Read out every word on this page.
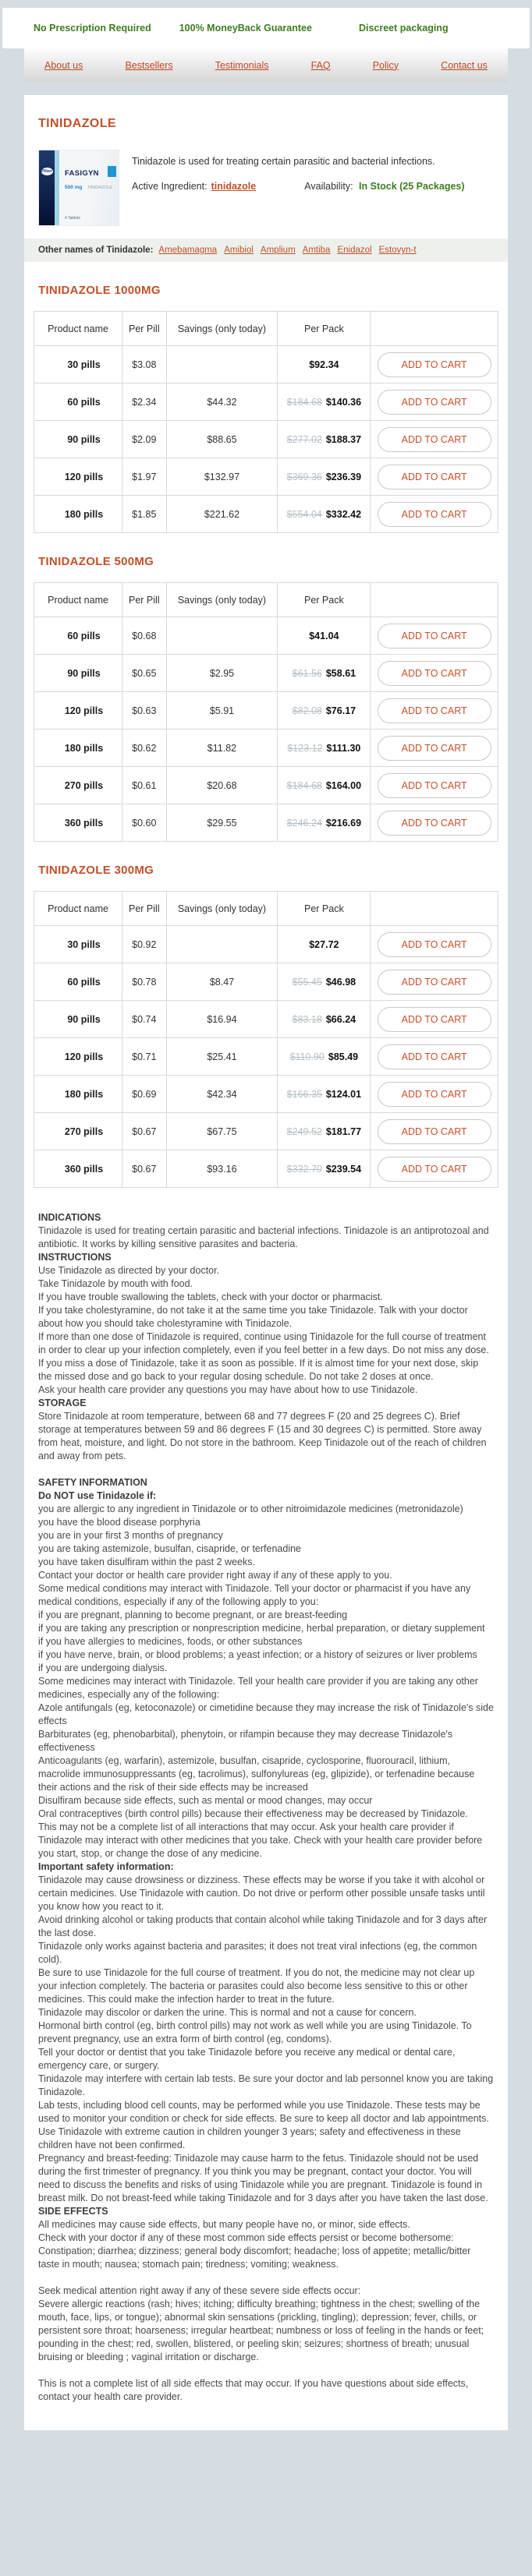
No Prescription Required	100% MoneyBack Guarantee	Discreet packaging
About us	Bestsellers	Testimonials	FAQ	Policy	Contact us
TINIDAZOLE
Pfizer FASIGYN
500 mg TINIDAZOLE
4 Tablets

Tinidazole is used for treating certain parasitic and bacterial infections.

Active Ingredient: tinidazole	Availability: In Stock (25 Packages)
Other names of Tinidazole: Amebamagma Amibiol Amplium Amtiba Enidazol Estovyn-t
TINIDAZOLE 1000MG
Product name	Per Pill	Savings (only today)	Per Pack	
30 pills	$3.08		$92.34	ADD TO CART
60 pills	$2.34	$44.32	$184.68 $140.36	ADD TO CART
90 pills	$2.09	$88.65	$277.02 $188.37	ADD TO CART
120 pills	$1.97	$132.97	$369.36 $236.39	ADD TO CART
180 pills	$1.85	$221.62	$554.04 $332.42	ADD TO CART
TINIDAZOLE 500MG
Product name	Per Pill	Savings (only today)	Per Pack	
60 pills	$0.68		$41.04	ADD TO CART
90 pills	$0.65	$2.95	$61.56 $58.61	ADD TO CART
120 pills	$0.63	$5.91	$82.08 $76.17	ADD TO CART
180 pills	$0.62	$11.82	$123.12 $111.30	ADD TO CART
270 pills	$0.61	$20.68	$184.68 $164.00	ADD TO CART
360 pills	$0.60	$29.55	$246.24 $216.69	ADD TO CART
TINIDAZOLE 300MG
Product name	Per Pill	Savings (only today)	Per Pack	
30 pills	$0.92		$27.72	ADD TO CART
60 pills	$0.78	$8.47	$55.45 $46.98	ADD TO CART
90 pills	$0.74	$16.94	$83.18 $66.24	ADD TO CART
120 pills	$0.71	$25.41	$110.90 $85.49	ADD TO CART
180 pills	$0.69	$42.34	$166.35 $124.01	ADD TO CART
270 pills	$0.67	$67.75	$249.52 $181.77	ADD TO CART
360 pills	$0.67	$93.16	$332.70 $239.54	ADD TO CART
INDICATIONS

Tinidazole is used for treating certain parasitic and bacterial infections. Tinidazole is an antiprotozoal and antibiotic. It works by killing sensitive parasites and bacteria.

INSTRUCTIONS

Use Tinidazole as directed by your doctor.

Take Tinidazole by mouth with food.

If you have trouble swallowing the tablets, check with your doctor or pharmacist.

If you take cholestyramine, do not take it at the same time you take Tinidazole. Talk with your doctor about how you should take cholestyramine with Tinidazole.

If more than one dose of Tinidazole is required, continue using Tinidazole for the full course of treatment in order to clear up your infection completely, even if you feel better in a few days. Do not miss any dose.

If you miss a dose of Tinidazole, take it as soon as possible. If it is almost time for your next dose, skip the missed dose and go back to your regular dosing schedule. Do not take 2 doses at once.

Ask your health care provider any questions you may have about how to use Tinidazole.

STORAGE

Store Tinidazole at room temperature, between 68 and 77 degrees F (20 and 25 degrees C). Brief storage at temperatures between 59 and 86 degrees F (15 and 30 degrees C) is permitted. Store away from heat, moisture, and light. Do not store in the bathroom. Keep Tinidazole out of the reach of children and away from pets.

SAFETY INFORMATION
Do NOT use Tinidazole if:

you are allergic to any ingredient in Tinidazole or to other nitroimidazole medicines (metronidazole)

you have the blood disease porphyria

you are in your first 3 months of pregnancy

you are taking astemizole, busulfan, cisapride, or terfenadine

you have taken disulfiram within the past 2 weeks.

Contact your doctor or health care provider right away if any of these apply to you.

Some medical conditions may interact with Tinidazole. Tell your doctor or pharmacist if you have any medical conditions, especially if any of the following apply to you:

if you are pregnant, planning to become pregnant, or are breast-feeding

if you are taking any prescription or nonprescription medicine, herbal preparation, or dietary supplement

if you have allergies to medicines, foods, or other substances

if you have nerve, brain, or blood problems; a yeast infection; or a history of seizures or liver problems

if you are undergoing dialysis.

Some medicines may interact with Tinidazole. Tell your health care provider if you are taking any other medicines, especially any of the following:

Azole antifungals (eg, ketoconazole) or cimetidine because they may increase the risk of Tinidazole's side effects

Barbiturates (eg, phenobarbital), phenytoin, or rifampin because they may decrease Tinidazole's effectiveness

Anticoagulants (eg, warfarin), astemizole, busulfan, cisapride, cyclosporine, fluorouracil, lithium, macrolide immunosuppressants (eg, tacrolimus), sulfonylureas (eg, glipizide), or terfenadine because their actions and the risk of their side effects may be increased

Disulfiram because side effects, such as mental or mood changes, may occur

Oral contraceptives (birth control pills) because their effectiveness may be decreased by Tinidazole.

This may not be a complete list of all interactions that may occur. Ask your health care provider if Tinidazole may interact with other medicines that you take. Check with your health care provider before you start, stop, or change the dose of any medicine.

Important safety information:

Tinidazole may cause drowsiness or dizziness. These effects may be worse if you take it with alcohol or certain medicines. Use Tinidazole with caution. Do not drive or perform other possible unsafe tasks until you know how you react to it.

Avoid drinking alcohol or taking products that contain alcohol while taking Tinidazole and for 3 days after the last dose.

Tinidazole only works against bacteria and parasites; it does not treat viral infections (eg, the common cold).

Be sure to use Tinidazole for the full course of treatment. If you do not, the medicine may not clear up your infection completely. The bacteria or parasites could also become less sensitive to this or other medicines. This could make the infection harder to treat in the future.

Tinidazole may discolor or darken the urine. This is normal and not a cause for concern.

Hormonal birth control (eg, birth control pills) may not work as well while you are using Tinidazole. To prevent pregnancy, use an extra form of birth control (eg, condoms).

Tell your doctor or dentist that you take Tinidazole before you receive any medical or dental care, emergency care, or surgery.

Tinidazole may interfere with certain lab tests. Be sure your doctor and lab personnel know you are taking Tinidazole.

Lab tests, including blood cell counts, may be performed while you use Tinidazole. These tests may be used to monitor your condition or check for side effects. Be sure to keep all doctor and lab appointments.

Use Tinidazole with extreme caution in children younger 3 years; safety and effectiveness in these children have not been confirmed.

Pregnancy and breast-feeding: Tinidazole may cause harm to the fetus. Tinidazole should not be used during the first trimester of pregnancy. If you think you may be pregnant, contact your doctor. You will need to discuss the benefits and risks of using Tinidazole while you are pregnant. Tinidazole is found in breast milk. Do not breast-feed while taking Tinidazole and for 3 days after you have taken the last dose.

SIDE EFFECTS

All medicines may cause side effects, but many people have no, or minor, side effects.

Check with your doctor if any of these most common side effects persist or become bothersome:

Constipation; diarrhea; dizziness; general body discomfort; headache; loss of appetite; metallic/bitter taste in mouth; nausea; stomach pain; tiredness; vomiting; weakness.

Seek medical attention right away if any of these severe side effects occur:

Severe allergic reactions (rash; hives; itching; difficulty breathing; tightness in the chest; swelling of the mouth, face, lips, or tongue); abnormal skin sensations (prickling, tingling); depression; fever, chills, or persistent sore throat; hoarseness; irregular heartbeat; numbness or loss of feeling in the hands or feet; pounding in the chest; red, swollen, blistered, or peeling skin; seizures; shortness of breath; unusual bruising or bleeding ; vaginal irritation or discharge.

This is not a complete list of all side effects that may occur. If you have questions about side effects, contact your health care provider.
